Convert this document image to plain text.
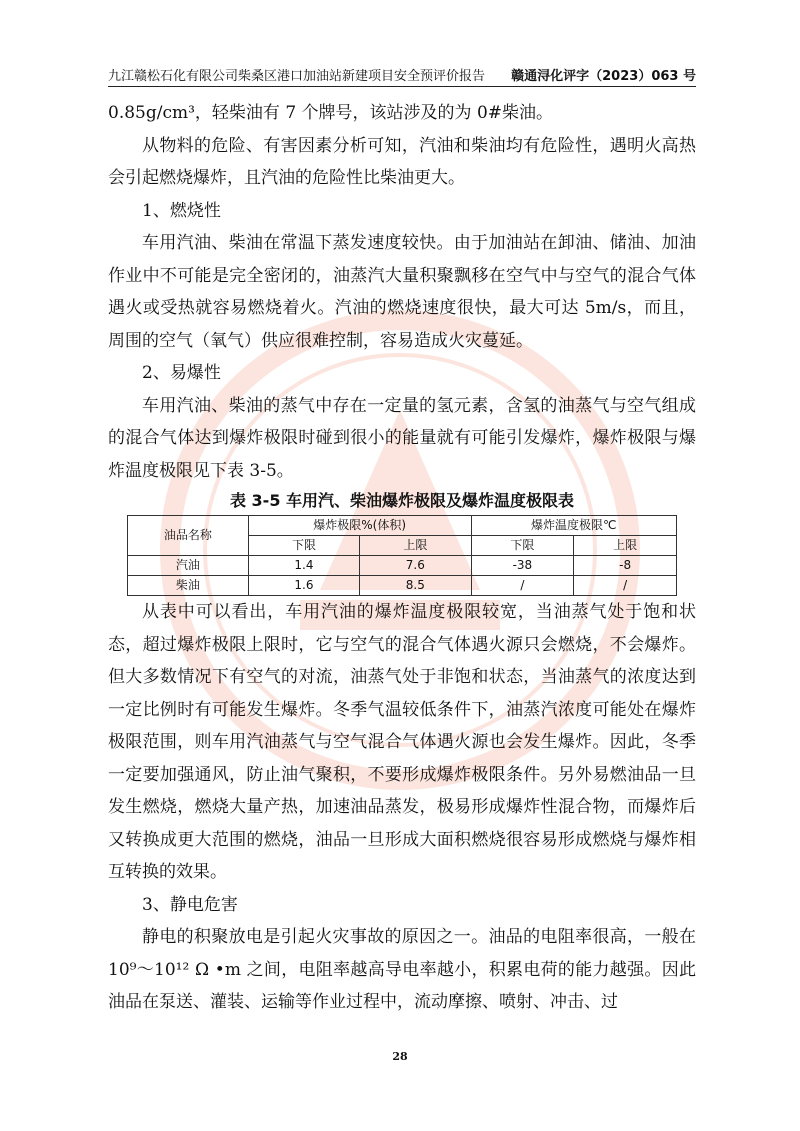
九江赣松石化有限公司柴桑区港口加油站新建项目安全预评价报告 赣通浔化评字（2023）063 号

0.85g/cm³，轻柴油有 7 个牌号，该站涉及的为 0#柴油。

从物料的危险、有害因素分析可知，汽油和柴油均有危险性，遇明火高热会引起燃烧爆炸，且汽油的危险性比柴油更大。

1、燃烧性

车用汽油、柴油在常温下蒸发速度较快。由于加油站在卸油、储油、加油作业中不可能是完全密闭的，油蒸汽大量积聚飘移在空气中与空气的混合气体遇火或受热就容易燃烧着火。汽油的燃烧速度很快，最大可达 5m/s，而且，周围的空气（氧气）供应很难控制，容易造成火灾蔓延。

2、易爆性

车用汽油、柴油的蒸气中存在一定量的氢元素，含氢的油蒸气与空气组成的混合气体达到爆炸极限时碰到很小的能量就有可能引发爆炸，爆炸极限与爆炸温度极限见下表 3-5。

表 3-5 车用汽、柴油爆炸极限及爆炸温度极限表
油品名称	爆炸极限%(体积)		爆炸温度极限℃	
	下限	上限	下限	上限
汽油	1.4	7.6	-38	-8
柴油	1.6	8.5	/	/

从表中可以看出，车用汽油的爆炸温度极限较宽，当油蒸气处于饱和状态，超过爆炸极限上限时，它与空气的混合气体遇火源只会燃烧，不会爆炸。但大多数情况下有空气的对流，油蒸气处于非饱和状态，当油蒸气的浓度达到一定比例时有可能发生爆炸。冬季气温较低条件下，油蒸汽浓度可能处在爆炸极限范围，则车用汽油蒸气与空气混合气体遇火源也会发生爆炸。因此，冬季一定要加强通风，防止油气聚积，不要形成爆炸极限条件。另外易燃油品一旦发生燃烧，燃烧大量产热，加速油品蒸发，极易形成爆炸性混合物，而爆炸后又转换成更大范围的燃烧，油品一旦形成大面积燃烧很容易形成燃烧与爆炸相互转换的效果。

3、静电危害

静电的积聚放电是引起火灾事故的原因之一。油品的电阻率很高，一般在 10⁹～10¹² Ω •m 之间，电阻率越高导电率越小，积累电荷的能力越强。因此油品在泵送、灌装、运输等作业过程中，流动摩擦、喷射、冲击、过

28
